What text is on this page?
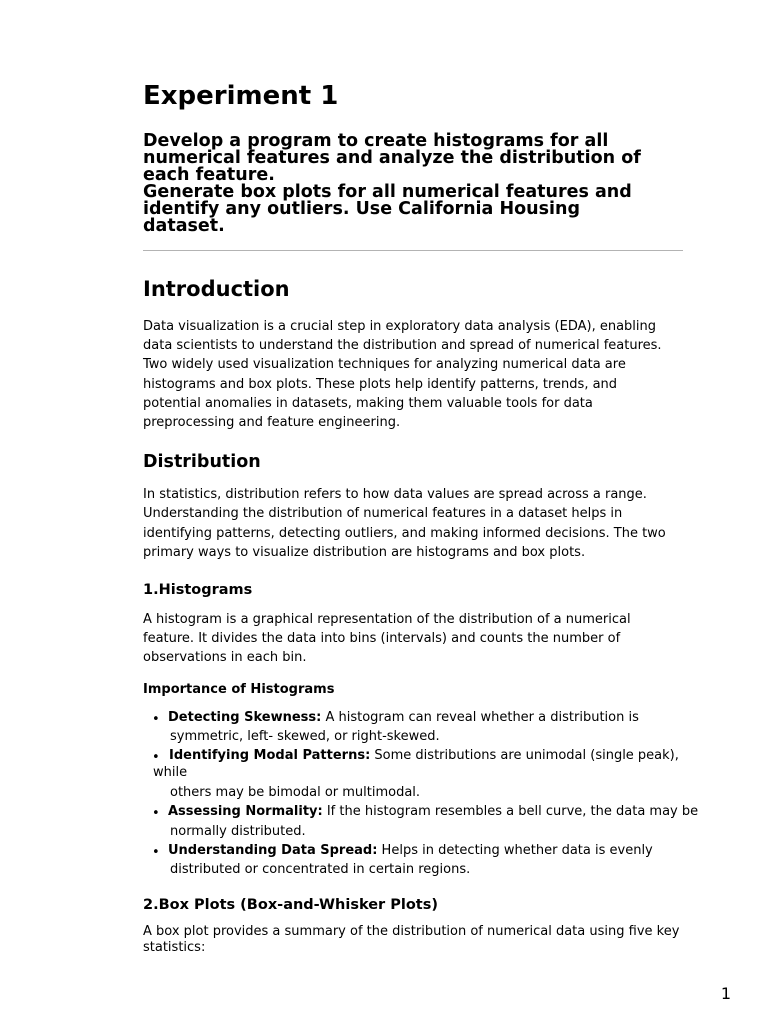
Experiment 1
Develop a program to create histograms for all
numerical features and analyze the distribution of
each feature.
Generate box plots for all numerical features and
identify any outliers. Use California Housing
dataset.
Introduction

Data visualization is a crucial step in exploratory data analysis (EDA), enabling
data scientists to understand the distribution and spread of numerical features.
Two widely used visualization techniques for analyzing numerical data are
histograms and box plots. These plots help identify patterns, trends, and
potential anomalies in datasets, making them valuable tools for data
preprocessing and feature engineering.

Distribution

In statistics, distribution refers to how data values are spread across a range.
Understanding the distribution of numerical features in a dataset helps in
identifying patterns, detecting outliers, and making informed decisions. The two
primary ways to visualize distribution are histograms and box plots.

1.Histograms

A histogram is a graphical representation of the distribution of a numerical
feature. It divides the data into bins (intervals) and counts the number of
observations in each bin.

Importance of Histograms
• Detecting Skewness: A histogram can reveal whether a distribution is
symmetric, left- skewed, or right-skewed.
• Identifying Modal Patterns: Some distributions are unimodal (single peak),
while
others may be bimodal or multimodal.
• Assessing Normality: If the histogram resembles a bell curve, the data may be
normally distributed.
• Understanding Data Spread: Helps in detecting whether data is evenly
distributed or concentrated in certain regions.
2.Box Plots (Box-and-Whisker Plots)

A box plot provides a summary of the distribution of numerical data using five key
statistics:

1
